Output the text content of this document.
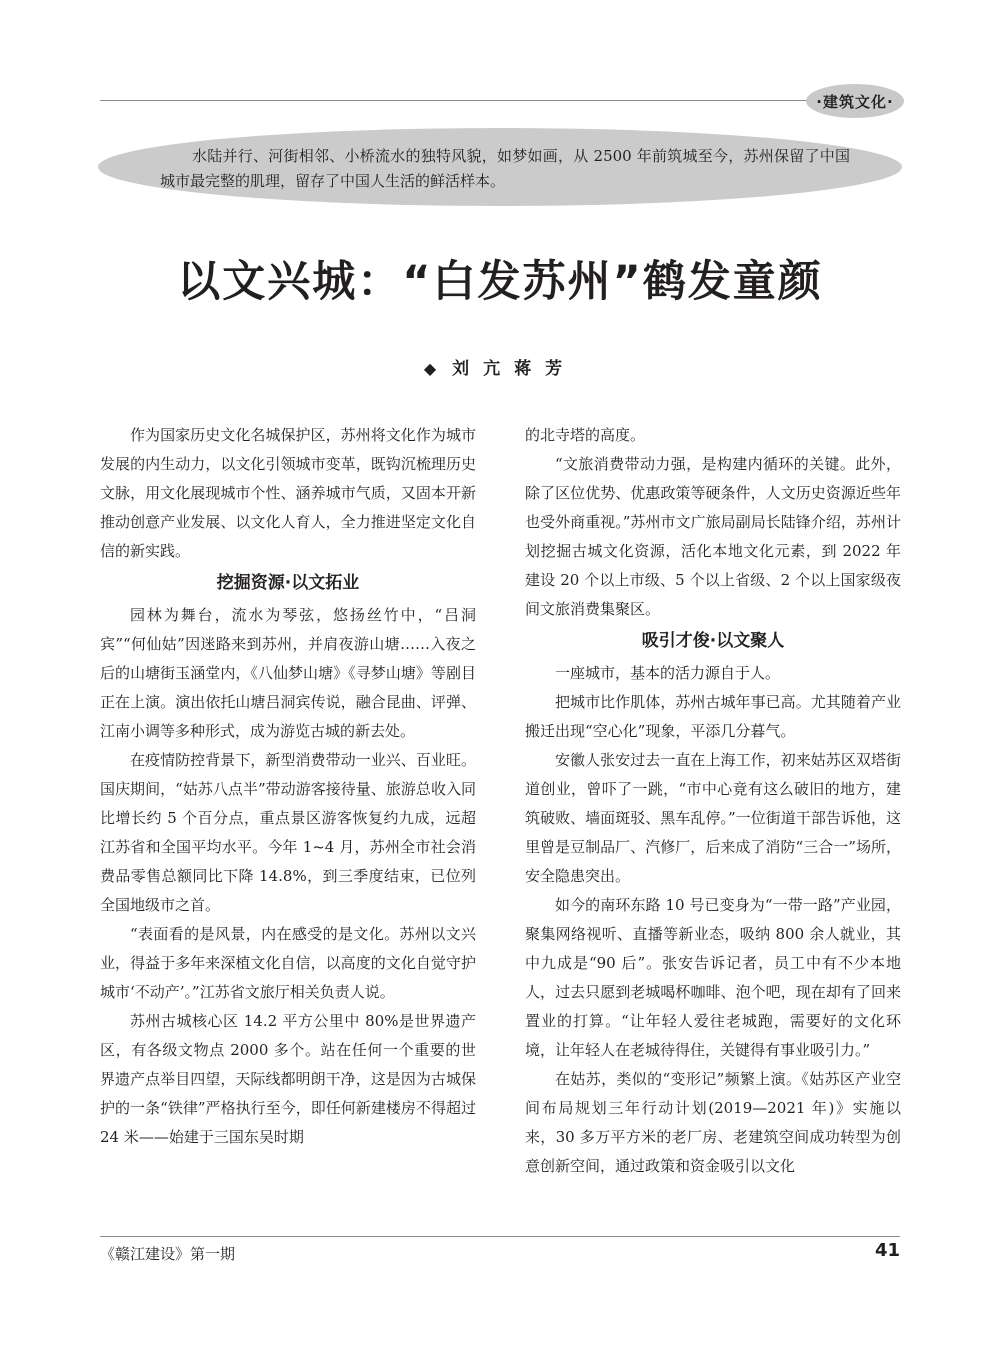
·建筑文化·

水陆并行、河街相邻、小桥流水的独特风貌，如梦如画，从 2500 年前筑城至今，苏州保留了中国城市最完整的肌理，留存了中国人生活的鲜活样本。

以文兴城：“白发苏州”鹤发童颜
◆ 刘亢蒋芳

作为国家历史文化名城保护区，苏州将文化作为城市发展的内生动力，以文化引领城市变革，既钩沉梳理历史文脉，用文化展现城市个性、涵养城市气质，又固本开新推动创意产业发展、以文化人育人，全力推进坚定文化自信的新实践。

挖掘资源·以文拓业

园林为舞台，流水为琴弦，悠扬丝竹中，“吕洞宾”“何仙姑”因迷路来到苏州，并肩夜游山塘……入夜之后的山塘街玉涵堂内，《八仙梦山塘》《寻梦山塘》等剧目正在上演。演出依托山塘吕洞宾传说，融合昆曲、评弹、江南小调等多种形式，成为游览古城的新去处。

在疫情防控背景下，新型消费带动一业兴、百业旺。国庆期间，“姑苏八点半”带动游客接待量、旅游总收入同比增长约 5 个百分点，重点景区游客恢复约九成，远超江苏省和全国平均水平。今年 1~4 月，苏州全市社会消费品零售总额同比下降 14.8%，到三季度结束，已位列全国地级市之首。

“表面看的是风景，内在感受的是文化。苏州以文兴业，得益于多年来深植文化自信，以高度的文化自觉守护城市‘不动产’。”江苏省文旅厅相关负责人说。

苏州古城核心区 14.2 平方公里中 80%是世界遗产区，有各级文物点 2000 多个。站在任何一个重要的世界遗产点举目四望，天际线都明朗干净，这是因为古城保护的一条“铁律”严格执行至今，即任何新建楼房不得超过 24 米——始建于三国东吴时期

的北寺塔的高度。

“文旅消费带动力强，是构建内循环的关键。此外，除了区位优势、优惠政策等硬条件，人文历史资源近些年也受外商重视。”苏州市文广旅局副局长陆锋介绍，苏州计划挖掘古城文化资源，活化本地文化元素，到 2022 年建设 20 个以上市级、5 个以上省级、2 个以上国家级夜间文旅消费集聚区。

吸引才俊·以文聚人

一座城市，基本的活力源自于人。

把城市比作肌体，苏州古城年事已高。尤其随着产业搬迁出现“空心化”现象，平添几分暮气。

安徽人张安过去一直在上海工作，初来姑苏区双塔街道创业，曾吓了一跳，“市中心竟有这么破旧的地方，建筑破败、墙面斑驳、黑车乱停。”一位街道干部告诉他，这里曾是豆制品厂、汽修厂，后来成了消防“三合一”场所，安全隐患突出。

如今的南环东路 10 号已变身为“一带一路”产业园，聚集网络视听、直播等新业态，吸纳 800 余人就业，其中九成是“90 后”。张安告诉记者，员工中有不少本地人，过去只愿到老城喝杯咖啡、泡个吧，现在却有了回来置业的打算。“让年轻人爱往老城跑，需要好的文化环境，让年轻人在老城待得住，关键得有事业吸引力。”

在姑苏，类似的“变形记”频繁上演。《姑苏区产业空间布局规划三年行动计划(2019—2021 年)》实施以来，30 多万平方米的老厂房、老建筑空间成功转型为创意创新空间，通过政策和资金吸引以文化

《赣江建设》第一期	41
